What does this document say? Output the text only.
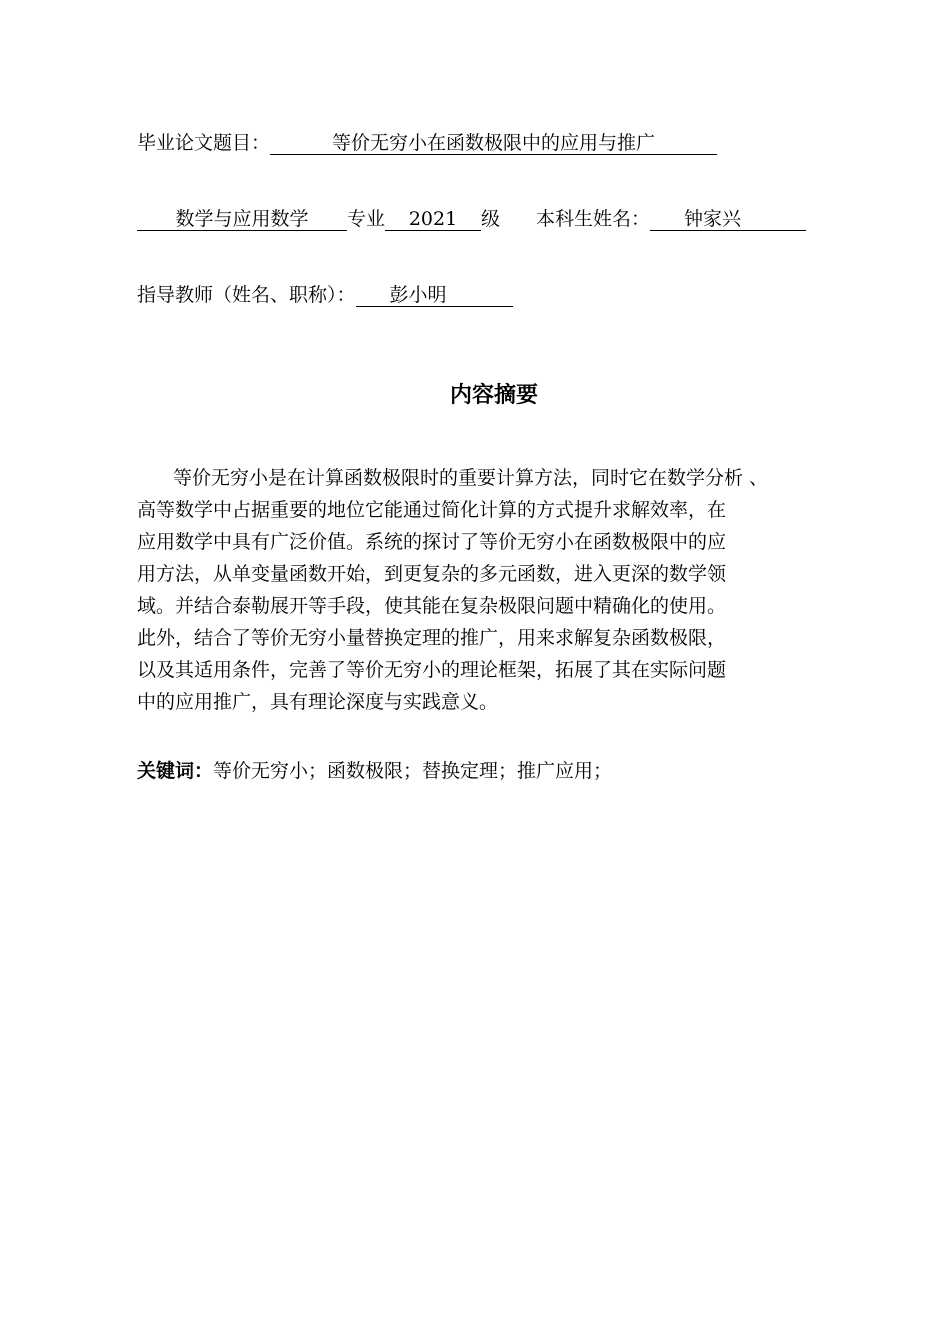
毕业论文题目：	等价无穷小在函数极限中的应用与推广
数学与应用数学 专业 2021 级 本科生姓名： 钟家兴
指导教师（姓名、职称）： 彭小明
内容摘要
等价无穷小是在计算函数极限时的重要计算方法，同时它在数学分析 、
高等数学中占据重要的地位它能通过简化计算的方式提升求解效率，在
应用数学中具有广泛价值。系统的探讨了等价无穷小在函数极限中的应
用方法，从单变量函数开始，到更复杂的多元函数，进入更深的数学领
域。并结合泰勒展开等手段，使其能在复杂极限问题中精确化的使用。
此外，结合了等价无穷小量替换定理的推广，用来求解复杂函数极限，
以及其适用条件，完善了等价无穷小的理论框架，拓展了其在实际问题
中的应用推广，具有理论深度与实践意义。
关键词：等价无穷小；函数极限；替换定理；推广应用；
